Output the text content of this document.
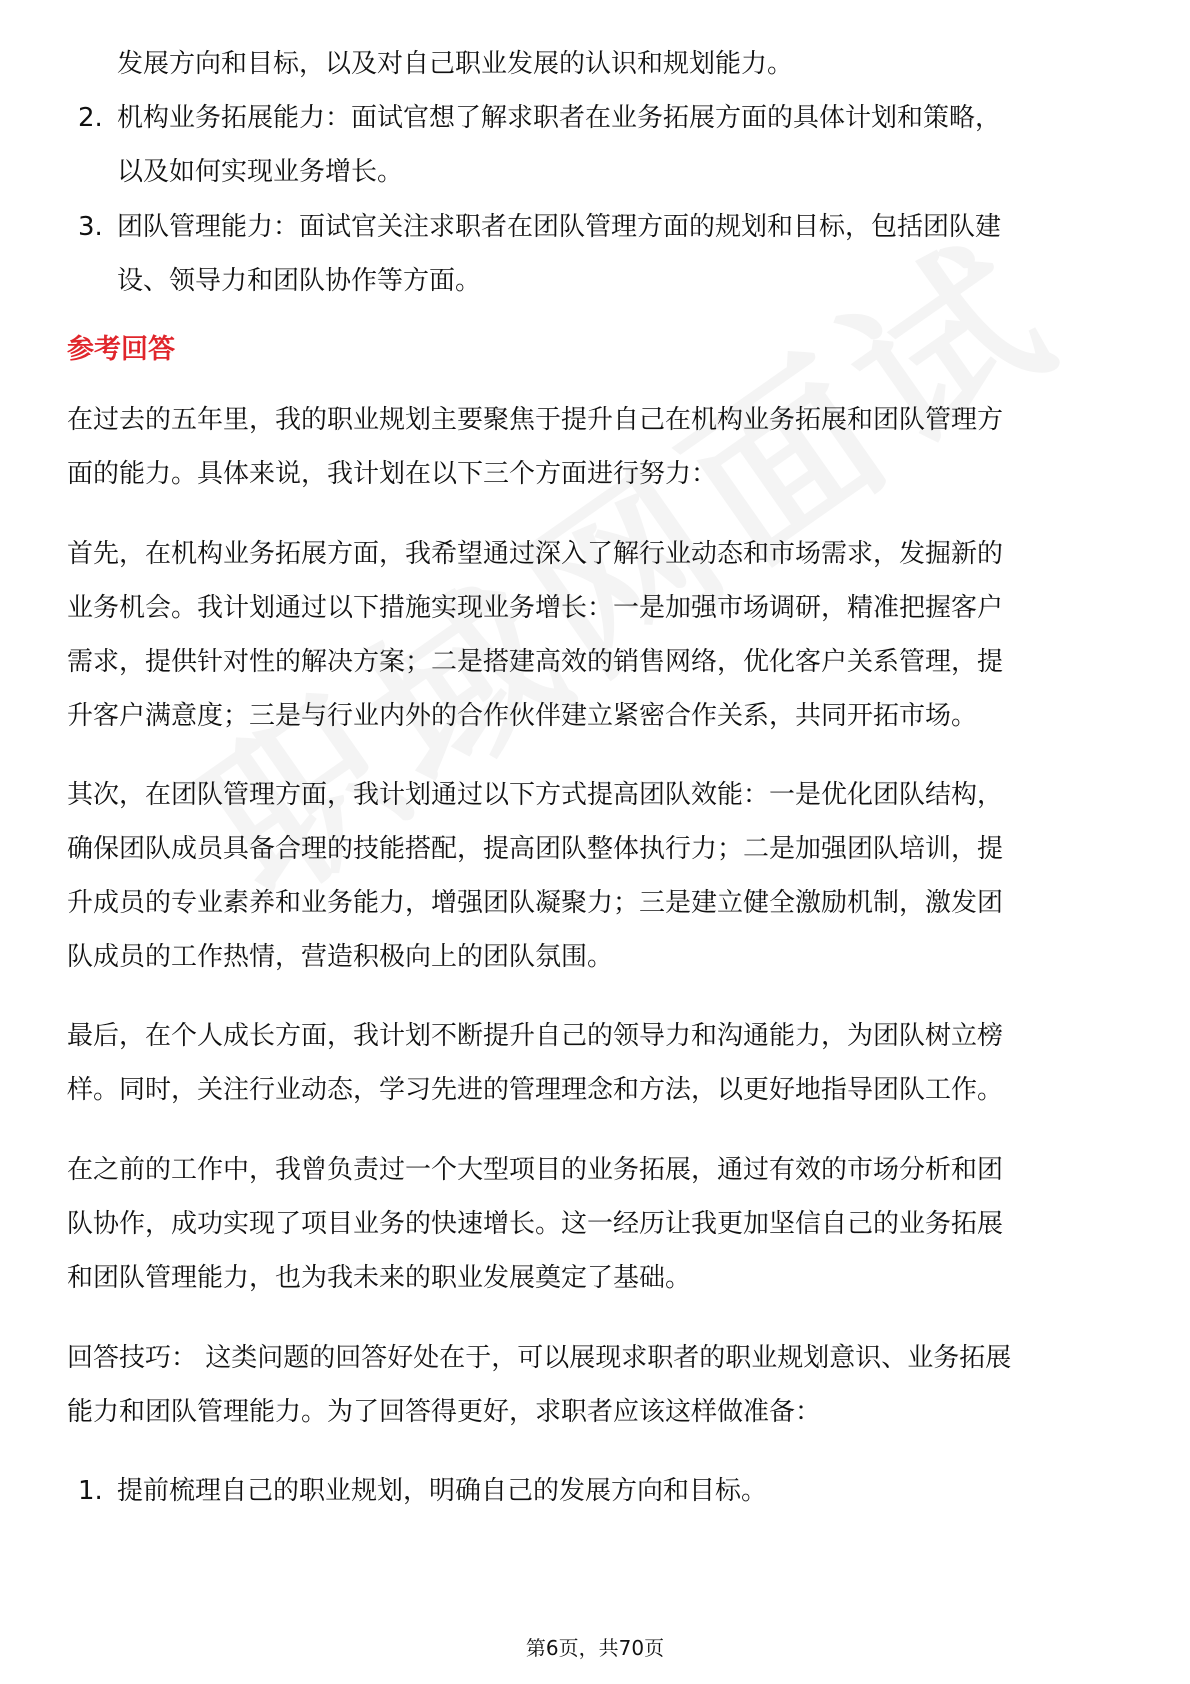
发展方向和目标，以及对自己职业发展的认识和规划能力。
2. 机构业务拓展能力：面试官想了解求职者在业务拓展方面的具体计划和策略，
以及如何实现业务增长。
3. 团队管理能力：面试官关注求职者在团队管理方面的规划和目标，包括团队建
设、领导力和团队协作等方面。
参考回答
在过去的五年里，我的职业规划主要聚焦于提升自己在机构业务拓展和团队管理方
面的能力。具体来说，我计划在以下三个方面进行努力：
首先，在机构业务拓展方面，我希望通过深入了解行业动态和市场需求，发掘新的
业务机会。我计划通过以下措施实现业务增长：一是加强市场调研，精准把握客户
需求，提供针对性的解决方案；二是搭建高效的销售网络，优化客户关系管理，提
升客户满意度；三是与行业内外的合作伙伴建立紧密合作关系，共同开拓市场。
其次，在团队管理方面，我计划通过以下方式提高团队效能：一是优化团队结构，
确保团队成员具备合理的技能搭配，提高团队整体执行力；二是加强团队培训，提
升成员的专业素养和业务能力，增强团队凝聚力；三是建立健全激励机制，激发团
队成员的工作热情，营造积极向上的团队氛围。
最后，在个人成长方面，我计划不断提升自己的领导力和沟通能力，为团队树立榜
样。同时，关注行业动态，学习先进的管理理念和方法，以更好地指导团队工作。
在之前的工作中，我曾负责过一个大型项目的业务拓展，通过有效的市场分析和团
队协作，成功实现了项目业务的快速增长。这一经历让我更加坚信自己的业务拓展
和团队管理能力，也为我未来的职业发展奠定了基础。
回答技巧： 这类问题的回答好处在于，可以展现求职者的职业规划意识、业务拓展
能力和团队管理能力。为了回答得更好，求职者应该这样做准备：
1. 提前梳理自己的职业规划，明确自己的发展方向和目标。
第6页，共70页
